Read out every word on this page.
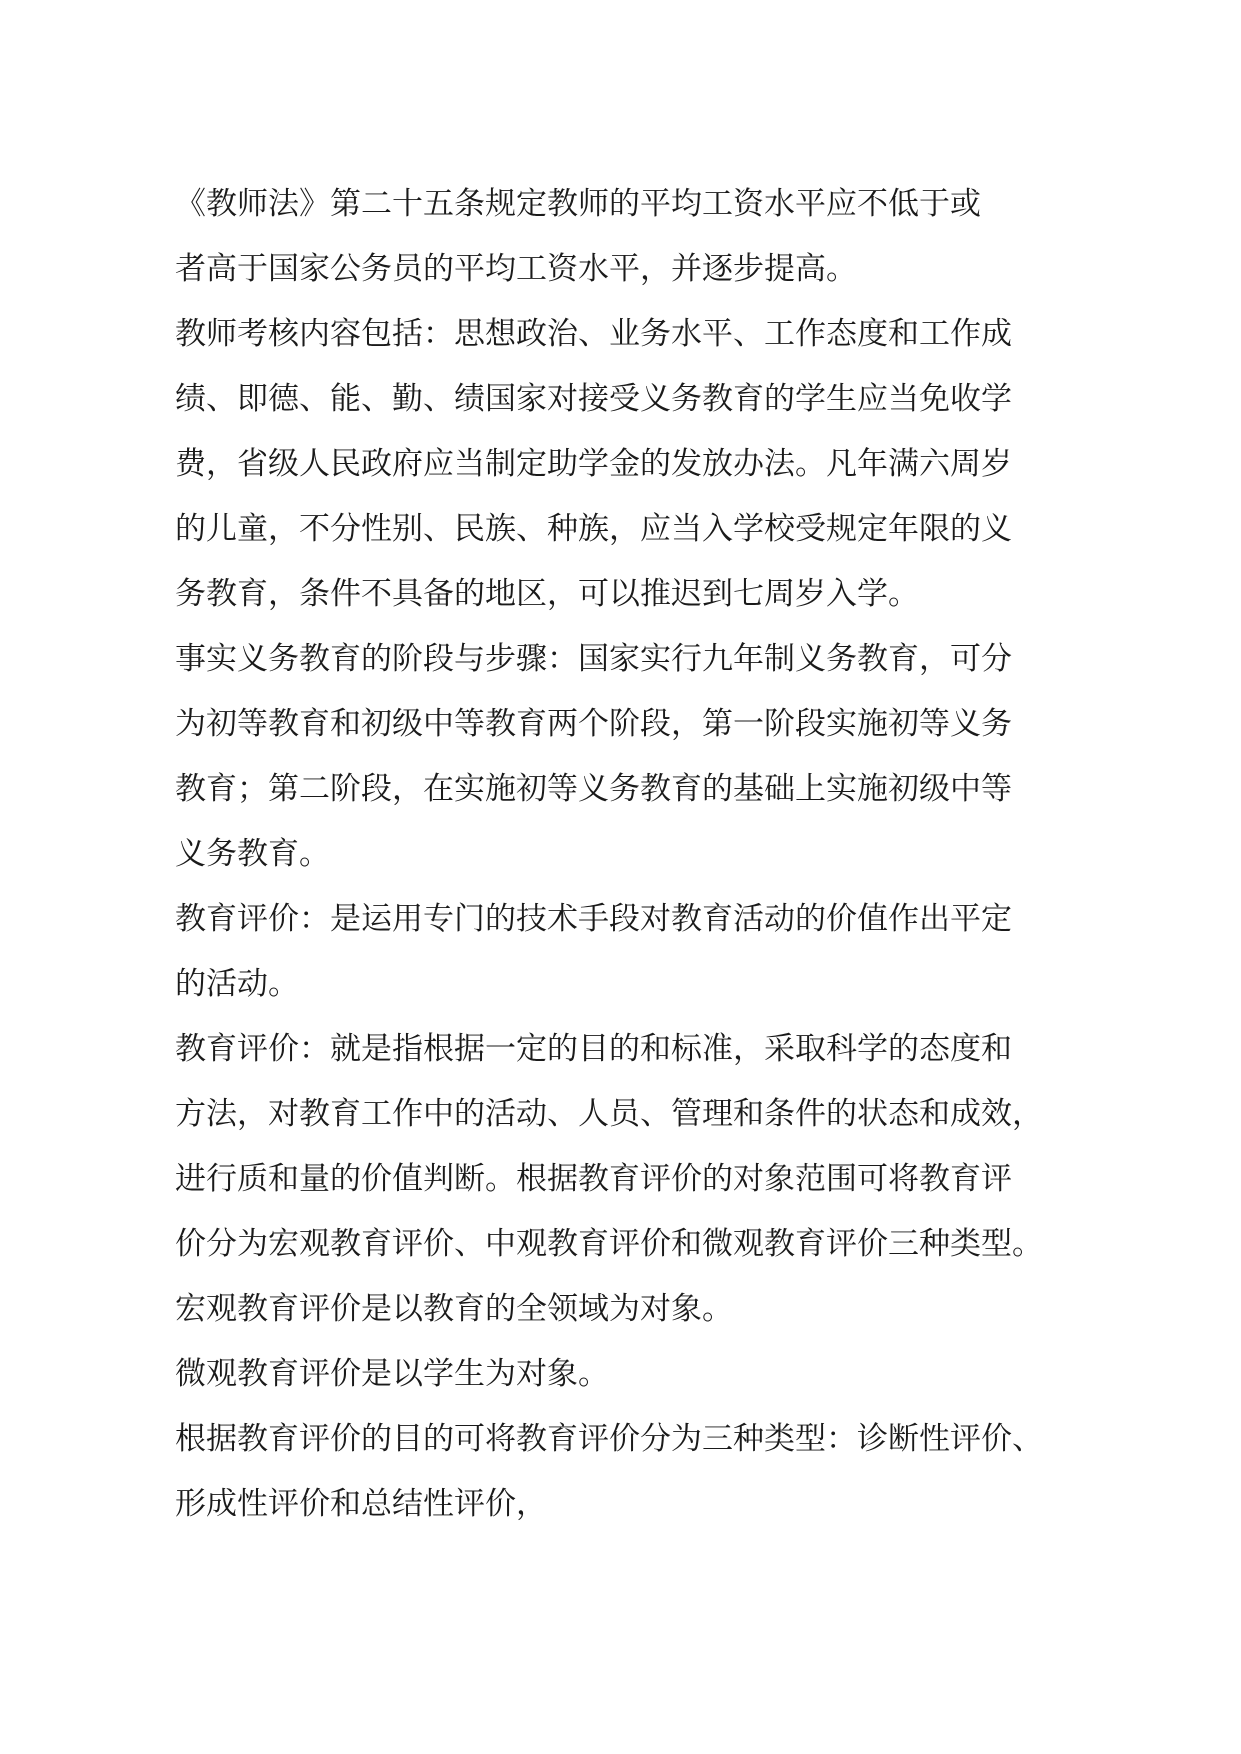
《教师法》第二十五条规定教师的平均工资水平应不低于或
者高于国家公务员的平均工资水平，并逐步提高。
教师考核内容包括：思想政治、业务水平、工作态度和工作成
绩、即德、能、勤、绩国家对接受义务教育的学生应当免收学
费，省级人民政府应当制定助学金的发放办法。凡年满六周岁
的儿童，不分性别、民族、种族，应当入学校受规定年限的义
务教育，条件不具备的地区，可以推迟到七周岁入学。
事实义务教育的阶段与步骤：国家实行九年制义务教育，可分
为初等教育和初级中等教育两个阶段，第一阶段实施初等义务
教育；第二阶段，在实施初等义务教育的基础上实施初级中等
义务教育。
教育评价：是运用专门的技术手段对教育活动的价值作出平定
的活动。
教育评价：就是指根据一定的目的和标准，采取科学的态度和
方法，对教育工作中的活动、人员、管理和条件的状态和成效，
进行质和量的价值判断。根据教育评价的对象范围可将教育评
价分为宏观教育评价、中观教育评价和微观教育评价三种类型。
宏观教育评价是以教育的全领域为对象。
微观教育评价是以学生为对象。
根据教育评价的目的可将教育评价分为三种类型：诊断性评价、
形成性评价和总结性评价，
